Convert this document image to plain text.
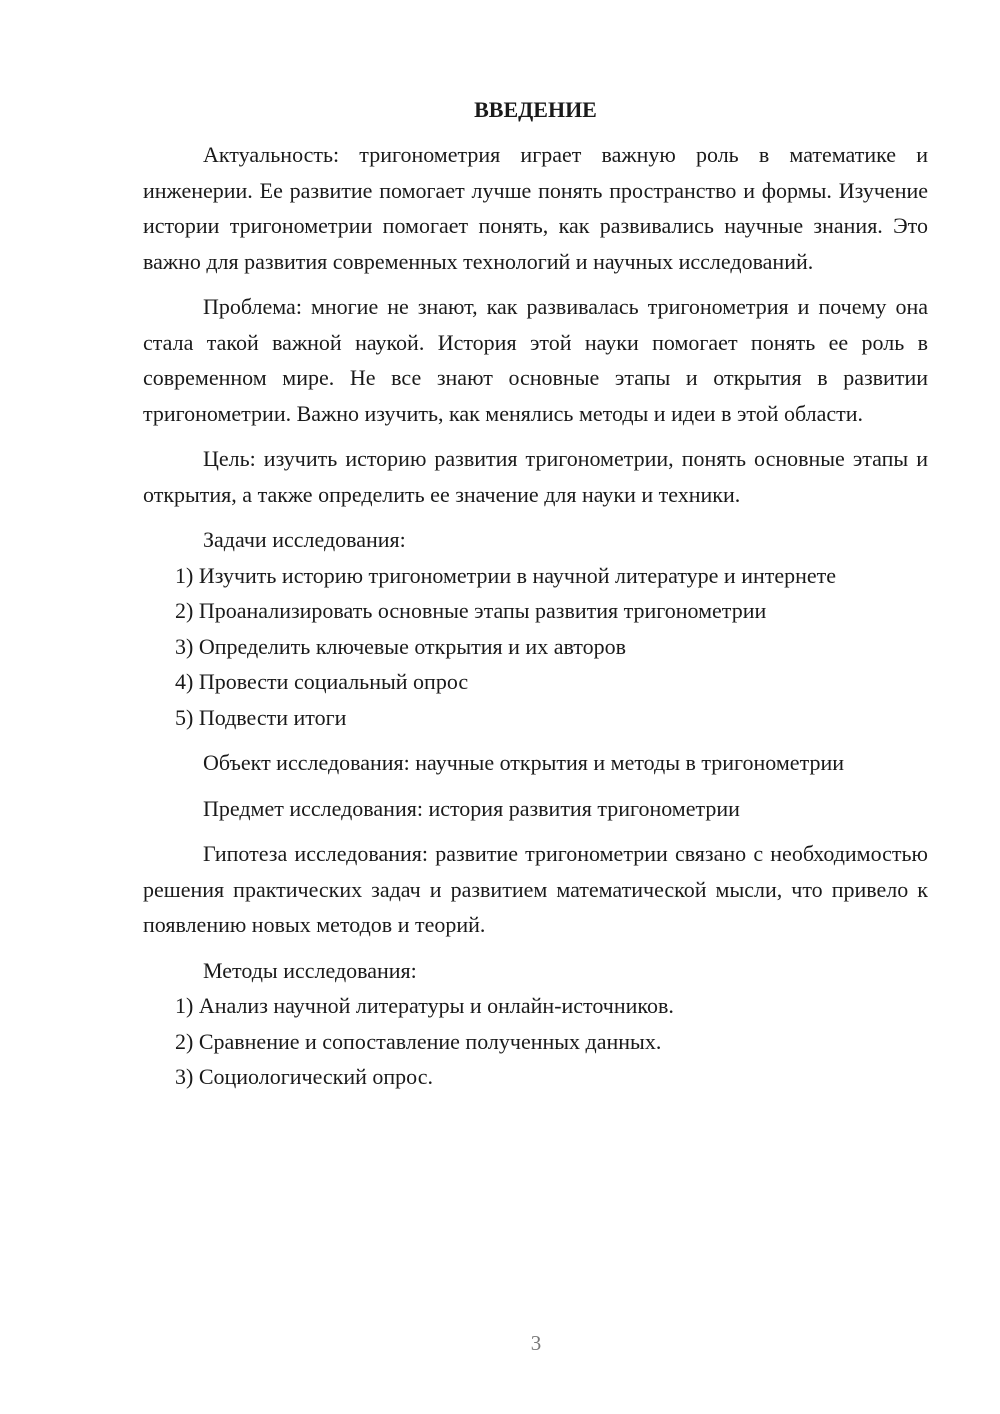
ВВЕДЕНИЕ

Актуальность: тригонометрия играет важную роль в математике и инженерии. Ее развитие помогает лучше понять пространство и формы. Изучение истории тригонометрии помогает понять, как развивались научные знания. Это важно для развития современных технологий и научных исследований.

Проблема: многие не знают, как развивалась тригонометрия и почему она стала такой важной наукой. История этой науки помогает понять ее роль в современном мире. Не все знают основные этапы и открытия в развитии тригонометрии. Важно изучить, как менялись методы и идеи в этой области.

Цель: изучить историю развития тригонометрии, понять основные этапы и открытия, а также определить ее значение для науки и техники.

Задачи исследования:

1) Изучить историю тригонометрии в научной литературе и интернете

2) Проанализировать основные этапы развития тригонометрии

3) Определить ключевые открытия и их авторов

4) Провести социальный опрос

5) Подвести итоги

Объект исследования: научные открытия и методы в тригонометрии

Предмет исследования: история развития тригонометрии

Гипотеза исследования: развитие тригонометрии связано с необходимостью решения практических задач и развитием математической мысли, что привело к появлению новых методов и теорий.

Методы исследования:

1) Анализ научной литературы и онлайн-источников.

2) Сравнение и сопоставление полученных данных.

3) Социологический опрос.

3
